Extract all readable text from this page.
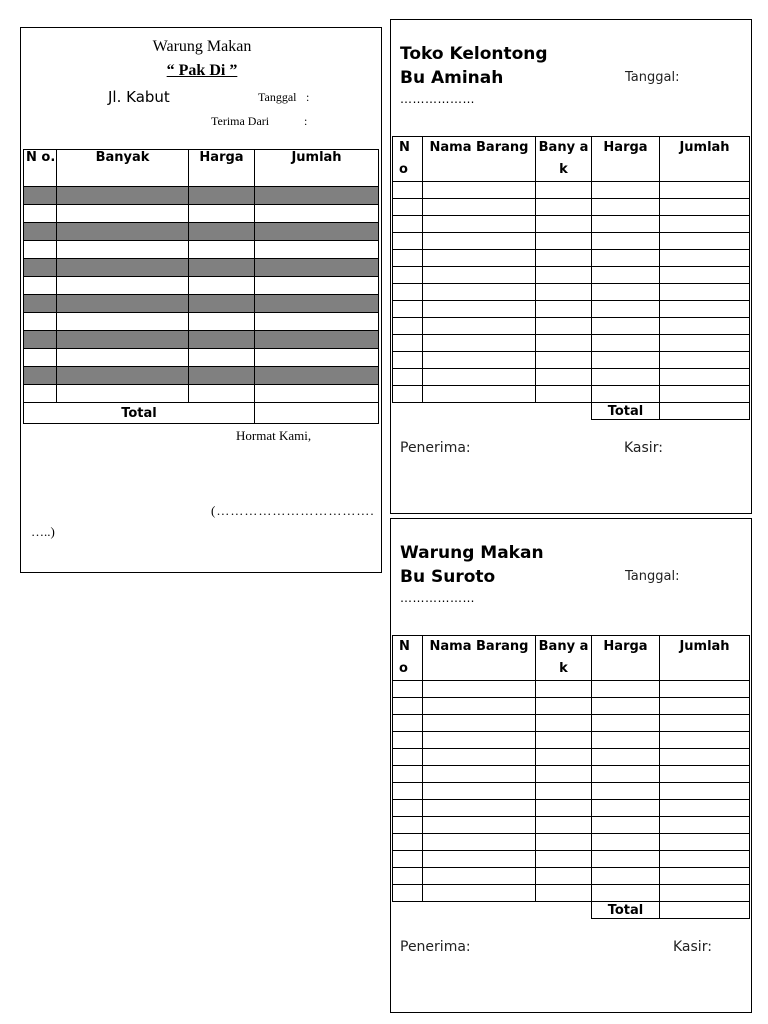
Warung Makan
“ Pak Di ”
Jl. Kabut	Tanggal :
Terima Dari	:
N o.	Banyak	Harga	Jumlah

Total			
Hormat Kami,
(…………………………….
…..)
Toko Kelontong
Bu Aminah	Tanggal:
………………
N o	Nama Barang	Bany ak	Harga	Jumlah

			Total	
Penerima:	Kasir:
Warung Makan
Bu Suroto	Tanggal:
………………
N o	Nama Barang	Bany ak	Harga	Jumlah

			Total	
Penerima:	Kasir:
